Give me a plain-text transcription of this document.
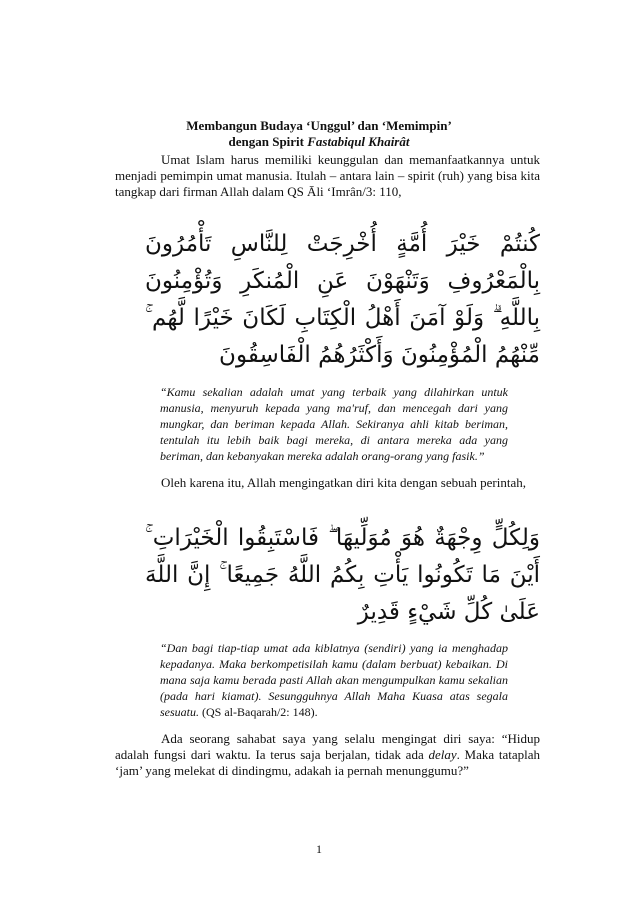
Membangun Budaya ‘Unggul’ dan ‘Memimpin’
dengan Spirit Fastabiqul Khairât

Umat Islam harus memiliki keunggulan dan memanfaatkannya untuk menjadi pemimpin umat manusia. Itulah – antara lain – spirit (ruh) yang bisa kita tangkap dari firman Allah dalam QS Āli ‘Imrân/3: 110,

كُنتُمْ خَيْرَ أُمَّةٍ أُخْرِجَتْ لِلنَّاسِ تَأْمُرُونَ بِالْمَعْرُوفِ وَتَنْهَوْنَ عَنِ الْمُنكَرِ وَتُؤْمِنُونَ بِاللَّهِ ۗ وَلَوْ آمَنَ أَهْلُ الْكِتَابِ لَكَانَ خَيْرًا لَّهُم ۚ مِّنْهُمُ الْمُؤْمِنُونَ وَأَكْثَرُهُمُ الْفَاسِقُونَ

“Kamu sekalian adalah umat yang terbaik yang dilahirkan untuk manusia, menyuruh kepada yang ma'ruf, dan mencegah dari yang mungkar, dan beriman kepada Allah. Sekiranya ahli kitab beriman, tentulah itu lebih baik bagi mereka, di antara mereka ada yang beriman, dan kebanyakan mereka adalah orang-orang yang fasik.”

Oleh karena itu, Allah mengingatkan diri kita dengan sebuah perintah,

وَلِكُلٍّ وِجْهَةٌ هُوَ مُوَلِّيهَا ۖ فَاسْتَبِقُوا الْخَيْرَاتِ ۚ أَيْنَ مَا تَكُونُوا يَأْتِ بِكُمُ اللَّهُ جَمِيعًا ۚ إِنَّ اللَّهَ عَلَىٰ كُلِّ شَيْءٍ قَدِيرٌ

“Dan bagi tiap-tiap umat ada kiblatnya (sendiri) yang ia menghadap kepadanya. Maka berkompetisilah kamu (dalam berbuat) kebaikan. Di mana saja kamu berada pasti Allah akan mengumpulkan kamu sekalian (pada hari kiamat). Sesungguhnya Allah Maha Kuasa atas segala sesuatu. (QS al-Baqarah/2: 148).

Ada seorang sahabat saya yang selalu mengingat diri saya: “Hidup adalah fungsi dari waktu. Ia terus saja berjalan, tidak ada delay. Maka tataplah ‘jam’ yang melekat di dindingmu, adakah ia pernah menunggumu?”

1
